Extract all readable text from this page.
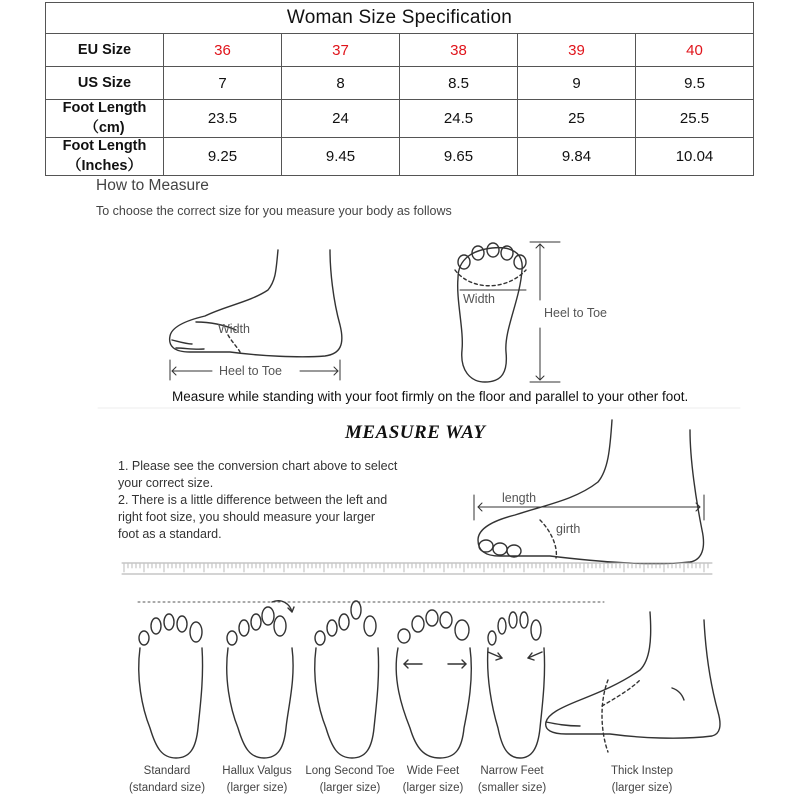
Woman Size Specification					
EU Size	36	37	38	39	40
US Size	7	8	8.5	9	9.5
Foot Length（cm)	23.5	24	24.5	25	25.5
Foot Length（Inches）	9.25	9.45	9.65	9.84	10.04
How to Measure
To choose the correct size for you measure your body as follows
Width
Heel to Toe
Width
Heel to Toe
Measure while standing with your foot firmly on the floor and parallel to your other foot.
MEASURE WAY
1. Please see the conversion chart above to select your correct size.
2. There is a little difference between the left and right foot size, you should measure your larger foot as a standard.
length
girth
Standard
(standard size)
Hallux Valgus
(larger size)
Long Second Toe
(larger size)
Wide Feet
(larger size)
Narrow Feet
(smaller size)
Thick Instep
(larger size)
